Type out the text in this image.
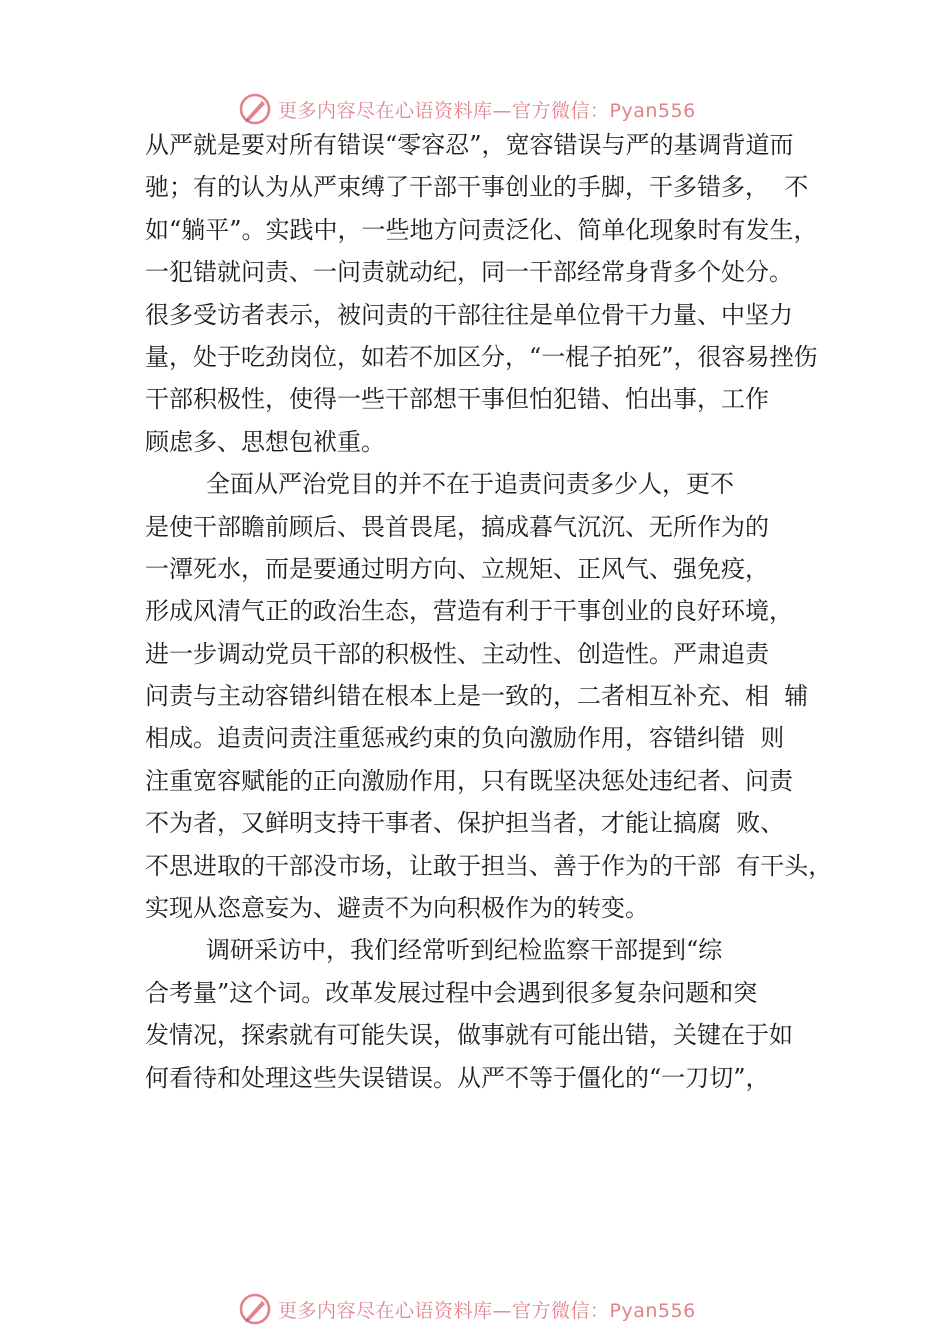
更多内容尽在心语资料库—官方微信：Pyan556
从严就是要对所有错误“零容忍”，宽容错误与严的基调背道而
驰；有的认为从严束缚了干部干事创业的手脚，干多错多，  不
如“躺平”。实践中，一些地方问责泛化、简单化现象时有发生，
一犯错就问责、一问责就动纪，同一干部经常身背多个处分。
很多受访者表示，被问责的干部往往是单位骨干力量、中坚力
量，处于吃劲岗位，如若不加区分，“一棍子拍死”，很容易挫伤
干部积极性，使得一些干部想干事但怕犯错、怕出事，工作
顾虑多、思想包袱重。
全面从严治党目的并不在于追责问责多少人，更不
是使干部瞻前顾后、畏首畏尾，搞成暮气沉沉、无所作为的
一潭死水，而是要通过明方向、立规矩、正风气、强免疫，
形成风清气正的政治生态，营造有利于干事创业的良好环境，
进一步调动党员干部的积极性、主动性、创造性。严肃追责
问责与主动容错纠错在根本上是一致的，二者相互补充、相  辅
相成。追责问责注重惩戒约束的负向激励作用，容错纠错  则
注重宽容赋能的正向激励作用，只有既坚决惩处违纪者、问责
不为者，又鲜明支持干事者、保护担当者，才能让搞腐  败、
不思进取的干部没市场，让敢于担当、善于作为的干部  有干头，
实现从恣意妄为、避责不为向积极作为的转变。
调研采访中，我们经常听到纪检监察干部提到“综
合考量”这个词。改革发展过程中会遇到很多复杂问题和突
发情况，探索就有可能失误，做事就有可能出错，关键在于如
何看待和处理这些失误错误。从严不等于僵化的“一刀切”，
更多内容尽在心语资料库—官方微信：Pyan556
